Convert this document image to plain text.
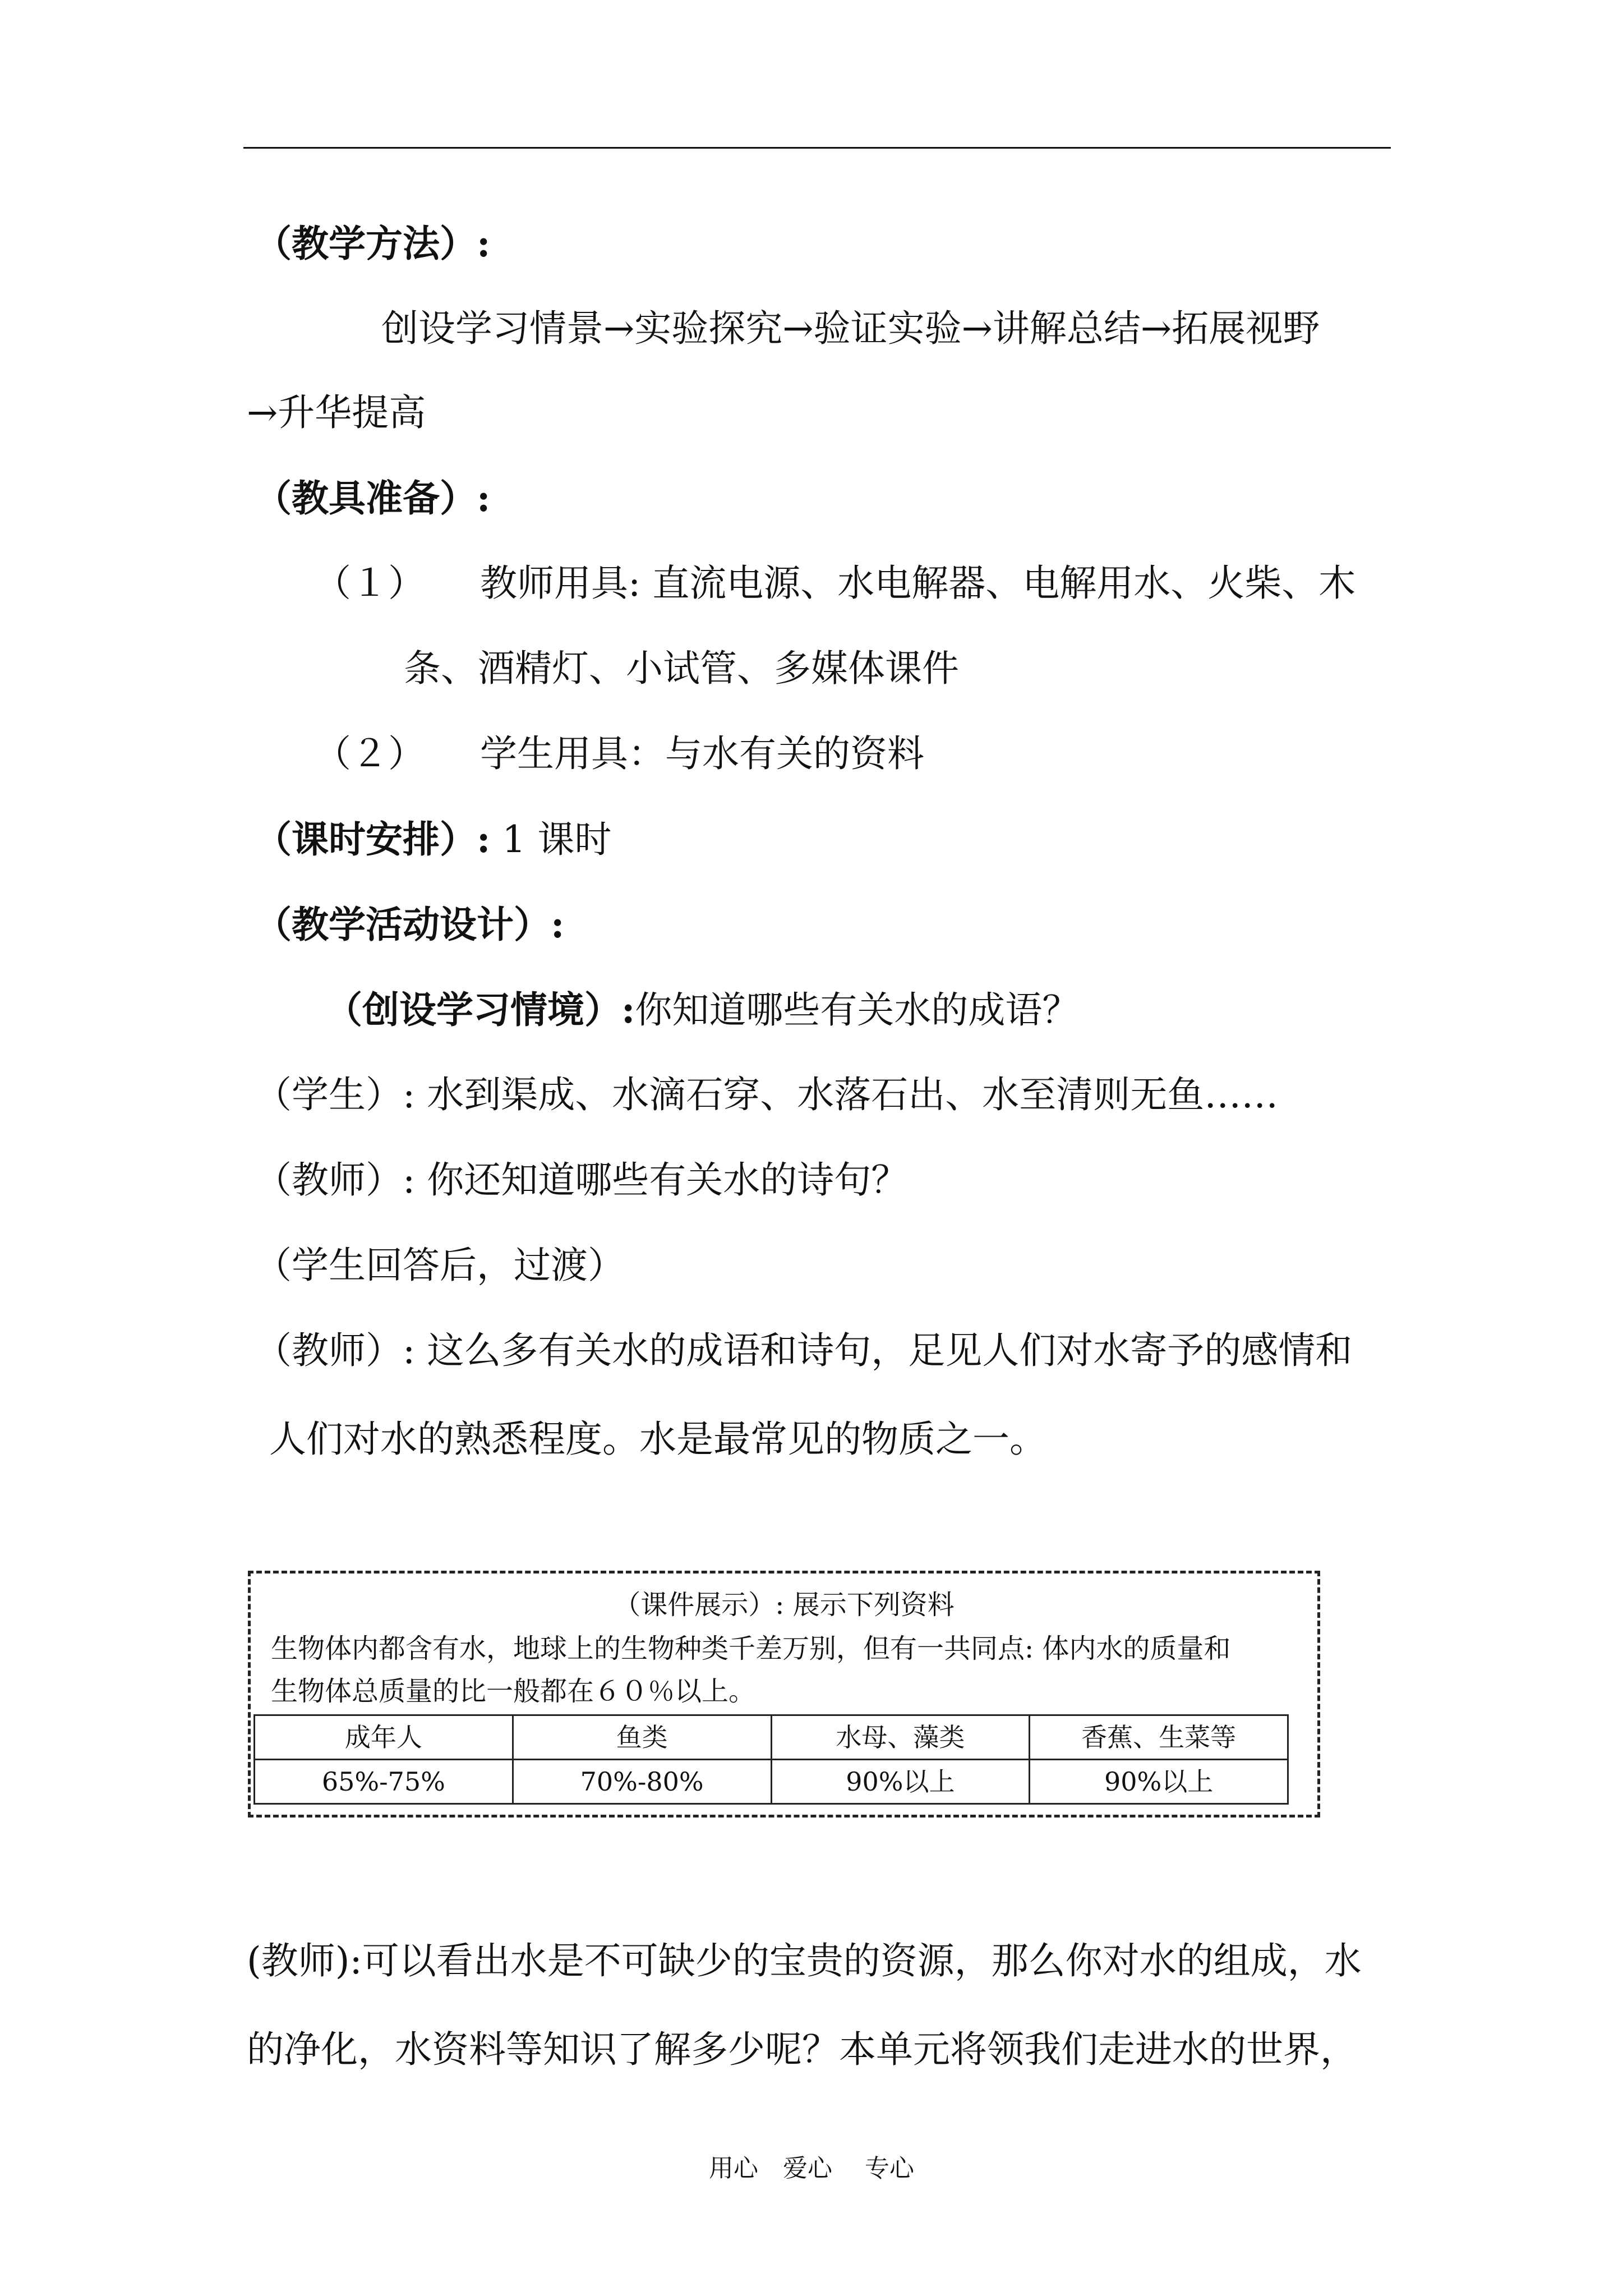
（教学方法）:
创设学习情景→实验探究→验证实验→讲解总结→拓展视野
→升华提高
（教具准备）:
（１） 教师用具: 直流电源、水电解器、电解用水、火柴、木
条、酒精灯、小试管、多媒体课件
（２） 学生用具：与水有关的资料
（课时安排）: 1 课时
（教学活动设计）:
（创设学习情境）:你知道哪些有关水的成语？
（学生）: 水到渠成、水滴石穿、水落石出、水至清则无鱼……
（教师）: 你还知道哪些有关水的诗句？
（学生回答后，过渡）
（教师）: 这么多有关水的成语和诗句，足见人们对水寄予的感情和
人们对水的熟悉程度。水是最常见的物质之一。
（课件展示）: 展示下列资料
生物体内都含有水，地球上的生物种类千差万别，但有一共同点: 体内水的质量和
生物体总质量的比一般都在６０％以上。
成年人	鱼类	水母、藻类	香蕉、生菜等
65%-75%	70%-80%	90%以上	90%以上
(教师):可以看出水是不可缺少的宝贵的资源，那么你对水的组成，水
的净化，水资料等知识了解多少呢？本单元将领我们走进水的世界，
用心　爱心　 专心
